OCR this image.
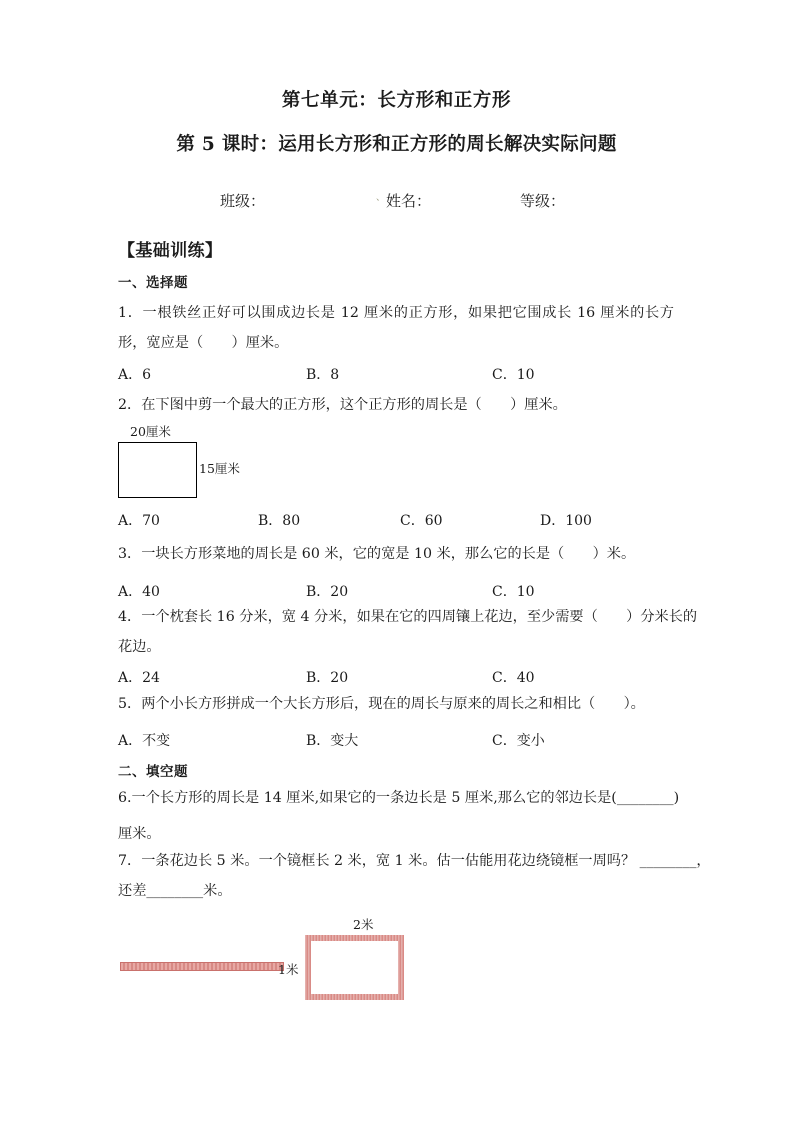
第七单元：长方形和正方形
第 5 课时：运用长方形和正方形的周长解决实际问题
班级：	、 姓名：	等级：
【基础训练】
一、选择题
1．一根铁丝正好可以围成边长是 12 厘米的正方形，如果把它围成长 16 厘米的长方形，宽应是（　　）厘米。
A．6	B．8	C．10
2．在下图中剪一个最大的正方形，这个正方形的周长是（　　）厘米。
20厘米
15厘米
A．70	B．80	C．60	D．100
3．一块长方形菜地的周长是 60 米，它的宽是 10 米，那么它的长是（　　）米。
A．40	B．20	C．10
4．一个枕套长 16 分米，宽 4 分米，如果在它的四周镶上花边，至少需要（　　）分米长的
花边。
A．24	B．20	C．40
5．两个小长方形拼成一个大长方形后，现在的周长与原来的周长之和相比（　　）。
A．不变	B．变大	C．变小
二、填空题
6.一个长方形的周长是 14 厘米,如果它的一条边长是 5 厘米,那么它的邻边长是(________)
厘米。
7．一条花边长 5 米。一个镜框长 2 米，宽 1 米。估一估能用花边绕镜框一周吗？ ________，
还差________米。
2米
1米
